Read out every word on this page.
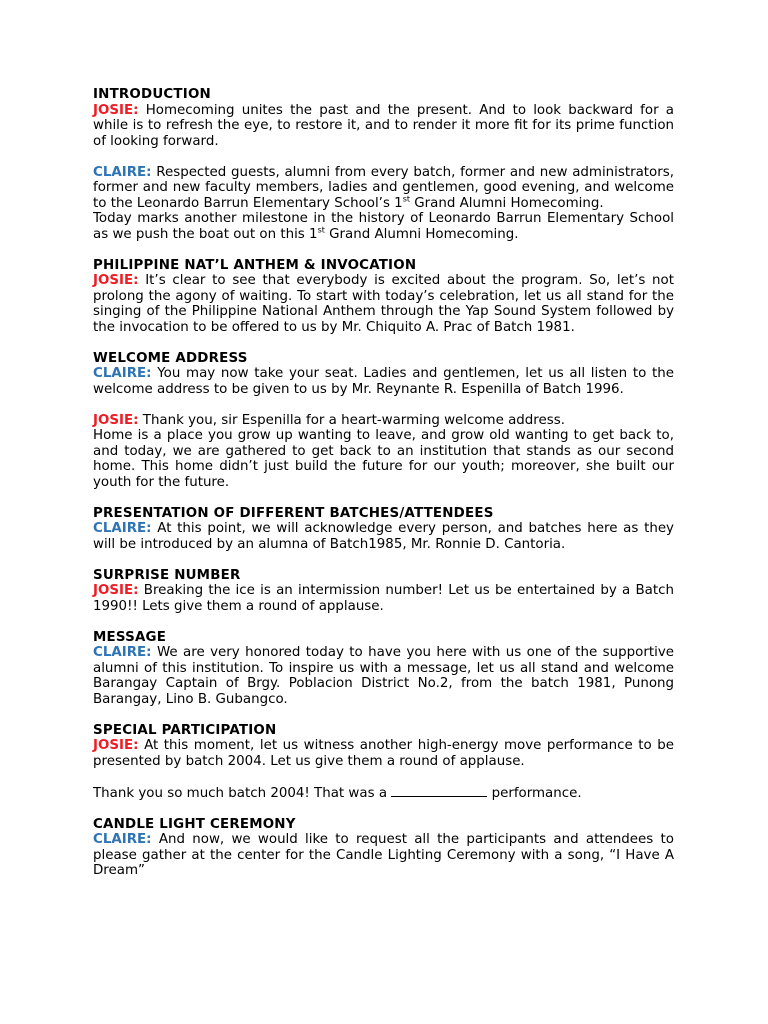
INTRODUCTION

JOSIE: Homecoming unites the past and the present. And to look backward for a while is to refresh the eye, to restore it, and to render it more fit for its prime function of looking forward.

CLAIRE: Respected guests, alumni from every batch, former and new administrators, former and new faculty members, ladies and gentlemen, good evening, and welcome to the Leonardo Barrun Elementary School’s 1st Grand Alumni Homecoming.

Today marks another milestone in the history of Leonardo Barrun Elementary School as we push the boat out on this 1st Grand Alumni Homecoming.

PHILIPPINE NAT’L ANTHEM & INVOCATION

JOSIE: It’s clear to see that everybody is excited about the program. So, let’s not prolong the agony of waiting. To start with today’s celebration, let us all stand for the singing of the Philippine National Anthem through the Yap Sound System followed by the invocation to be offered to us by Mr. Chiquito A. Prac of Batch 1981.

WELCOME ADDRESS

CLAIRE: You may now take your seat. Ladies and gentlemen, let us all listen to the welcome address to be given to us by Mr. Reynante R. Espenilla of Batch 1996.

JOSIE: Thank you, sir Espenilla for a heart-warming welcome address.

Home is a place you grow up wanting to leave, and grow old wanting to get back to, and today, we are gathered to get back to an institution that stands as our second home. This home didn’t just build the future for our youth; moreover, she built our youth for the future.

PRESENTATION OF DIFFERENT BATCHES/ATTENDEES

CLAIRE: At this point, we will acknowledge every person, and batches here as they will be introduced by an alumna of Batch1985, Mr. Ronnie D. Cantoria.

SURPRISE NUMBER

JOSIE: Breaking the ice is an intermission number! Let us be entertained by a Batch 1990!! Lets give them a round of applause.

MESSAGE

CLAIRE: We are very honored today to have you here with us one of the supportive alumni of this institution. To inspire us with a message, let us all stand and welcome Barangay Captain of Brgy. Poblacion District No.2, from the batch 1981, Punong Barangay, Lino B. Gubangco.

SPECIAL PARTICIPATION

JOSIE: At this moment, let us witness another high-energy move performance to be presented by batch 2004. Let us give them a round of applause.

Thank you so much batch 2004! That was a	performance.

CANDLE LIGHT CEREMONY

CLAIRE: And now, we would like to request all the participants and attendees to please gather at the center for the Candle Lighting Ceremony with a song, “I Have A Dream”
